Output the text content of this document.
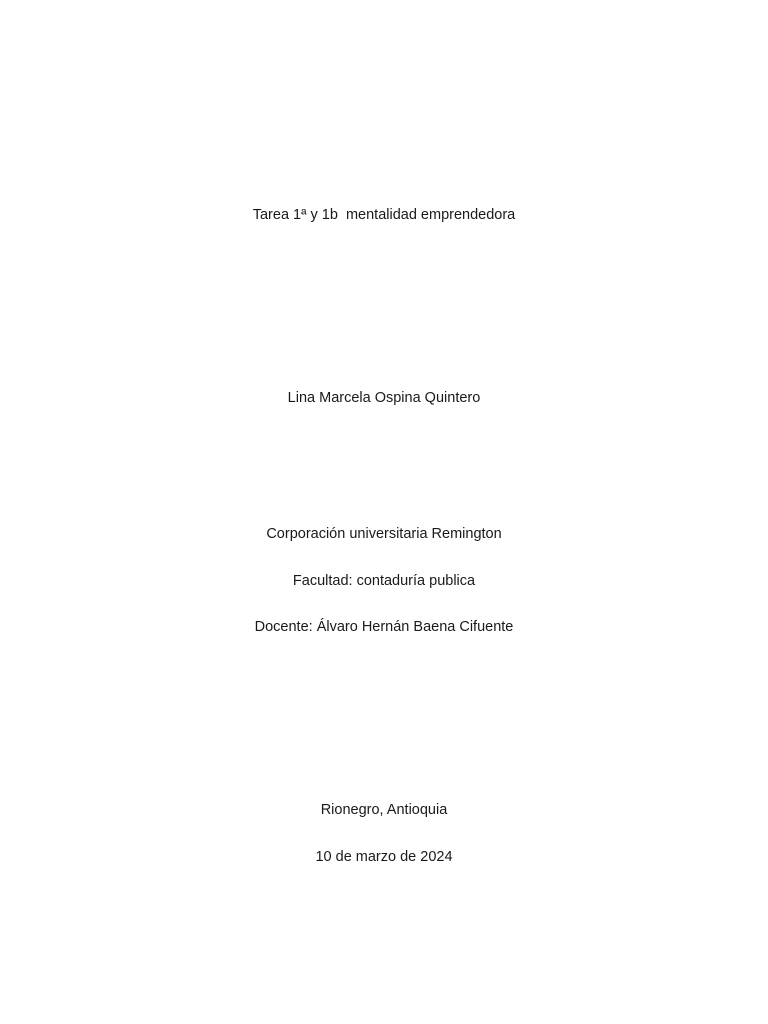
Tarea 1ª y 1b  mentalidad emprendedora
Lina Marcela Ospina Quintero
Corporación universitaria Remington
Facultad: contaduría publica
Docente: Álvaro Hernán Baena Cifuente
Rionegro, Antioquia
10 de marzo de 2024
